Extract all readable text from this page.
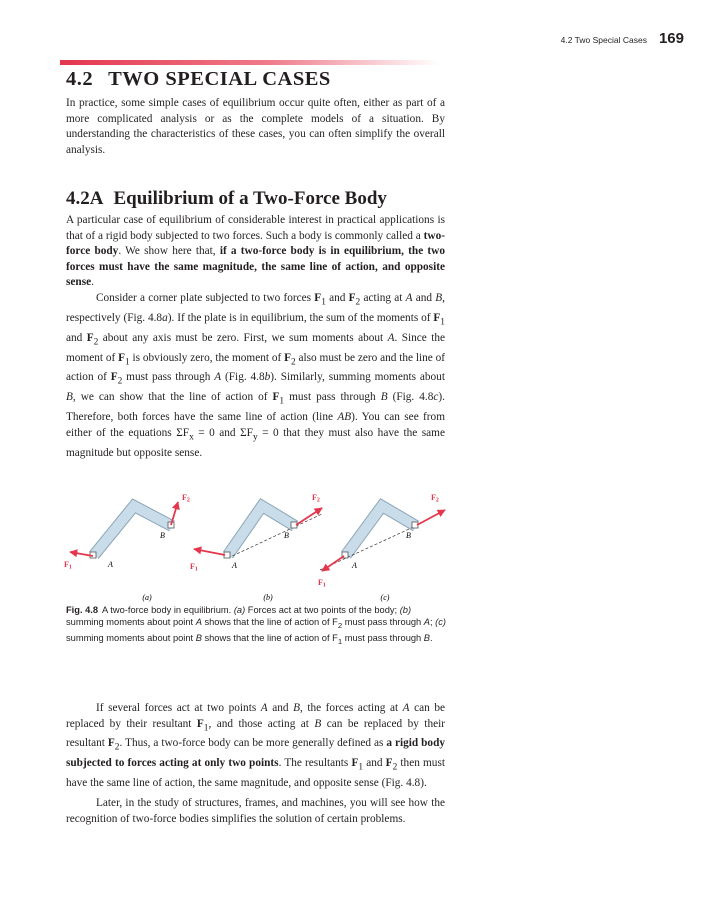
4.2 Two Special Cases 169
4.2 TWO SPECIAL CASES

In practice, some simple cases of equilibrium occur quite often, either as part of a more complicated analysis or as the complete models of a situation. By understanding the characteristics of these cases, you can often simplify the overall analysis.

4.2A Equilibrium of a Two-Force Body

A particular case of equilibrium of considerable interest in practical applications is that of a rigid body subjected to two forces. Such a body is commonly called a two-force body. We show here that, if a two-force body is in equilibrium, the two forces must have the same magnitude, the same line of action, and opposite sense.

Consider a corner plate subjected to two forces $F_1$ and $F_2$ acting at A and B, respectively (Fig. 4.8a). If the plate is in equilibrium, the sum of the moments of $F_1$ and $F_2$ about any axis must be zero. First, we sum moments about A. Since the moment of $F_1$ is obviously zero, the moment of $F_2$ also must be zero and the line of action of $F_2$ must pass through A (Fig. 4.8b). Similarly, summing moments about B, we can show that the line of action of $F_1$ must pass through B (Fig. 4.8c). Therefore, both forces have the same line of action (line AB). You can see from either of the equations $\Sigma F_x = 0$ and $\Sigma F_y = 0$ that they must also have the same magnitude but opposite sense.

A
B
F1
F2
(a)
A
B
F1
F2
(b)
A
B
F1
F2
(c)

Fig. 4.8 A two-force body in equilibrium. (a) Forces act at two points of the body; (b) summing moments about point A shows that the line of action of $F_2$ must pass through A; (c) summing moments about point B shows that the line of action of $F_1$ must pass through B.

If several forces act at two points A and B, the forces acting at A can be replaced by their resultant $F_1$, and those acting at B can be replaced by their resultant $F_2$. Thus, a two-force body can be more generally defined as a rigid body subjected to forces acting at only two points. The resultants $F_1$ and $F_2$ then must have the same line of action, the same magnitude, and opposite sense (Fig. 4.8).

Later, in the study of structures, frames, and machines, you will see how the recognition of two-force bodies simplifies the solution of certain problems.
